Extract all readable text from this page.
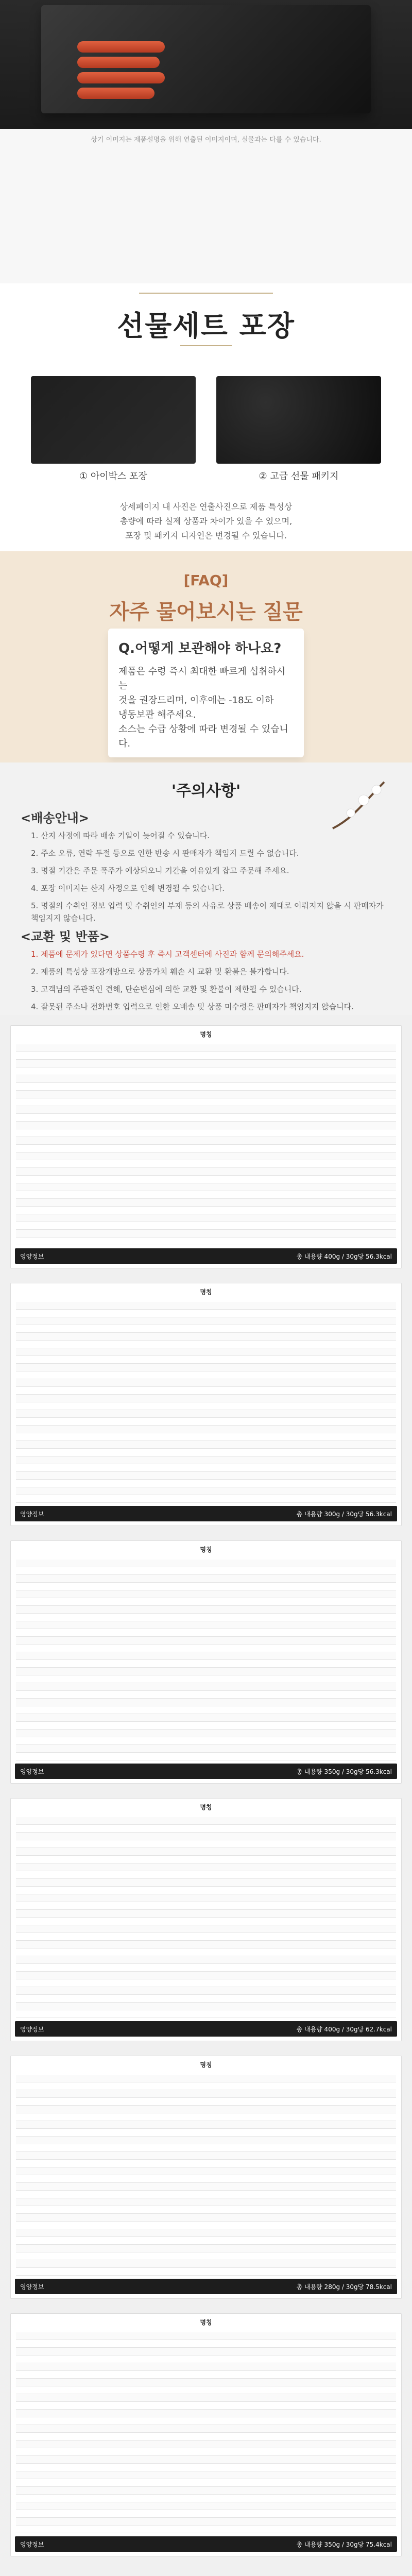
상기 이미지는 제품설명을 위해 연출된 이미지이며, 실물과는 다를 수 있습니다.
선물세트 포장
① 아이박스 포장	② 고급 선물 패키지
상세페이지 내 사진은 연출사진으로 제품 특성상
총량에 따라 실제 상품과 차이가 있을 수 있으며,
포장 및 패키지 디자인은 변경될 수 있습니다.
[FAQ]
자주 물어보시는 질문
Q.어떻게 보관해야 하나요?
제품은 수령 즉시 최대한 빠르게 섭취하시는
것을 권장드리며, 이후에는 -18도 이하
냉동보관 해주세요.
소스는 수급 상황에 따라 변경될 수 있습니다.
'주의사항'
<배송안내>
1. 산지 사정에 따라 배송 기일이 늦어질 수 있습니다.
2. 주소 오류, 연락 두절 등으로 인한 반송 시 판매자가 책임지 드릴 수 없습니다.
3. 명절 기간은 주문 폭주가 예상되오니 기간을 여유있게 잡고 주문해 주세요.
4. 포장 이미지는 산지 사정으로 인해 변경될 수 있습니다.
5. 명절의 수취인 정보 입력 및 수취인의 부재 등의 사유로 상품 배송이 제대로 이뤄지지 않을 시 판매자가 책임지지 않습니다.
<교환 및 반품>
1. 제품에 문제가 있다면 상품수령 후 즉시 고객센터에 사진과 함께 문의해주세요.
2. 제품의 특성상 포장개방으로 상품가치 훼손 시 교환 및 환불은 불가합니다.
3. 고객님의 주관적인 견해, 단순변심에 의한 교환 및 환불이 제한될 수 있습니다.
4. 잘못된 주소나 전화번호 입력으로 인한 오배송 및 상품 미수령은 판매자가 책임지지 않습니다.
명칭
영양정보	총 내용량 400g / 30g당 56.3kcal
명칭
영양정보	총 내용량 300g / 30g당 56.3kcal
명칭
영양정보	총 내용량 350g / 30g당 56.3kcal
명칭
영양정보	총 내용량 400g / 30g당 62.7kcal
명칭
영양정보	총 내용량 280g / 30g당 78.5kcal
명칭
영양정보	총 내용량 350g / 30g당 75.4kcal
